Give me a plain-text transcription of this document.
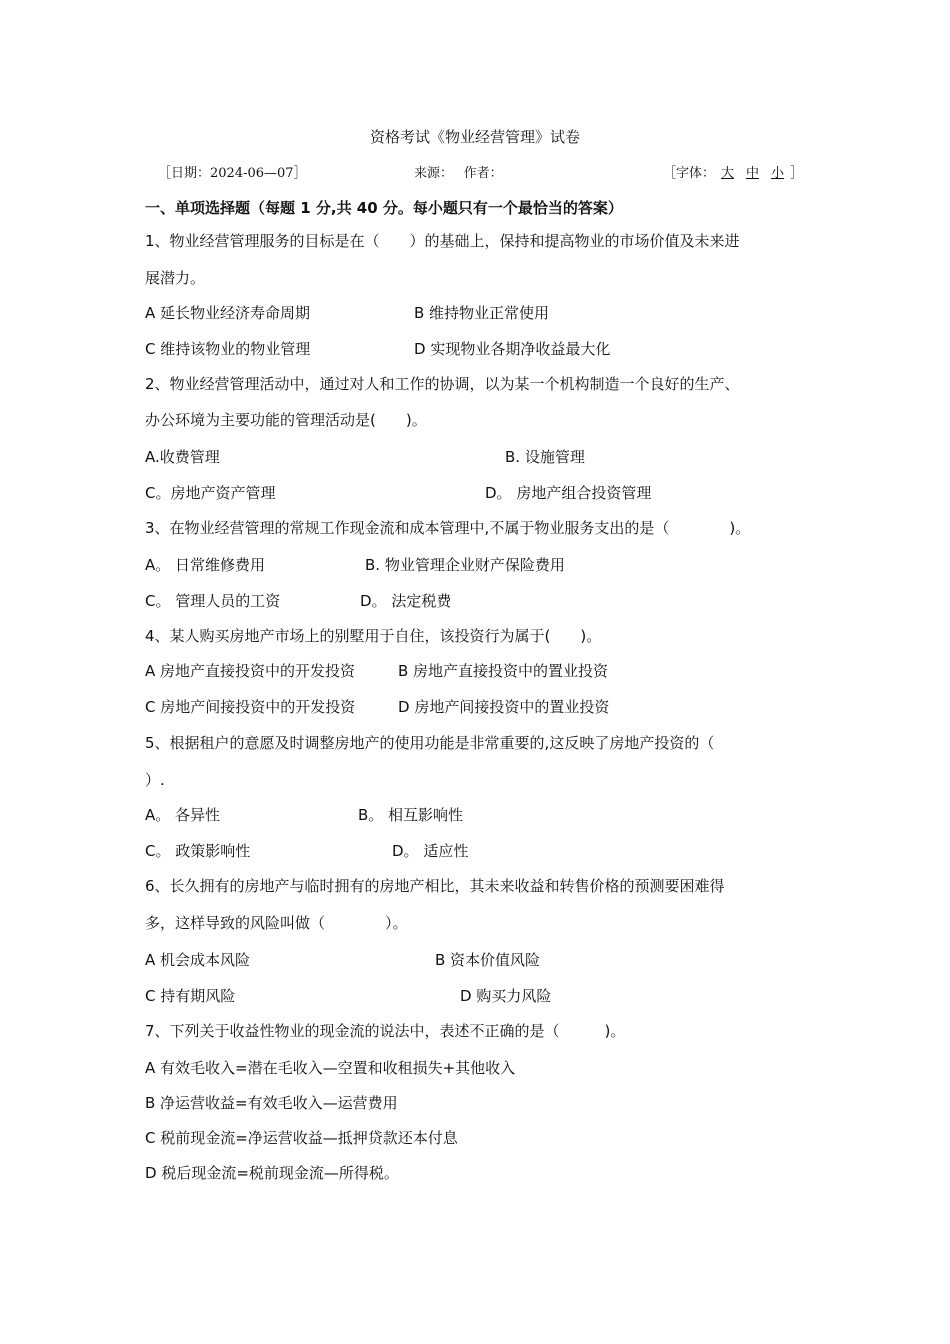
资格考试《物业经营管理》试卷
［日期：2024-06—07］	来源：　 作者：	［字体： 大 中 小 ］
一、单项选择题（每题 1 分,共 40 分。每小题只有一个最恰当的答案）
1、物业经营管理服务的目标是在（　　）的基础上，保持和提高物业的市场价值及未来进
展潜力。
A 延长物业经济寿命周期	B 维持物业正常使用
C 维持该物业的物业管理	D 实现物业各期净收益最大化
2、物业经营管理活动中，通过对人和工作的协调，以为某一个机构制造一个良好的生产、
办公环境为主要功能的管理活动是(　　)。
A.收费管理	B. 设施管理
C。房地产资产管理	D。 房地产组合投资管理
3、在物业经营管理的常规工作现金流和成本管理中,不属于物业服务支出的是（　　　　)。
A。 日常维修费用	B. 物业管理企业财产保险费用
C。 管理人员的工资	D。 法定税费
4、某人购买房地产市场上的别墅用于自住，该投资行为属于(　　)。
A 房地产直接投资中的开发投资	B 房地产直接投资中的置业投资
C 房地产间接投资中的开发投资	D 房地产间接投资中的置业投资
5、根据租户的意愿及时调整房地产的使用功能是非常重要的,这反映了房地产投资的（
）.
A。 各异性	B。 相互影响性
C。 政策影响性	D。 适应性
6、长久拥有的房地产与临时拥有的房地产相比，其未来收益和转售价格的预测要困难得
多，这样导致的风险叫做（　　　　）。
A 机会成本风险	B 资本价值风险
C 持有期风险	D 购买力风险
7、下列关于收益性物业的现金流的说法中，表述不正确的是（　　　)。
A 有效毛收入=潜在毛收入—空置和收租损失+其他收入
B 净运营收益=有效毛收入—运营费用
C 税前现金流=净运营收益—抵押贷款还本付息
D 税后现金流=税前现金流—所得税。
